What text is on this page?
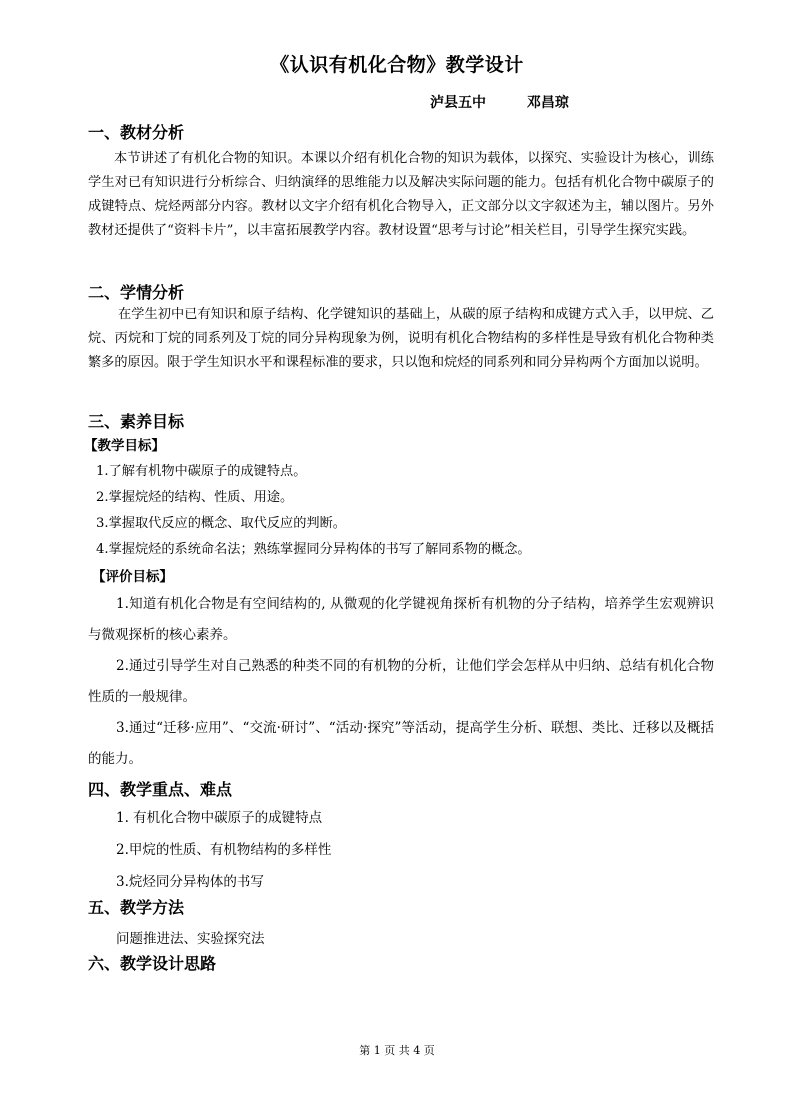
《认识有机化合物》教学设计
泸县五中	邓昌琼
一、教材分析

本节讲述了有机化合物的知识。本课以介绍有机化合物的知识为载体，以探究、实验设计为核心，训练学生对已有知识进行分析综合、归纳演绎的思维能力以及解决实际问题的能力。包括有机化合物中碳原子的成键特点、烷烃两部分内容。教材以文字介绍有机化合物导入，正文部分以文字叙述为主，辅以图片。另外教材还提供了“资料卡片”，以丰富拓展教学内容。教材设置“思考与讨论”相关栏目，引导学生探究实践。

二、学情分析

在学生初中已有知识和原子结构、化学键知识的基础上，从碳的原子结构和成键方式入手，以甲烷、乙烷、丙烷和丁烷的同系列及丁烷的同分异构现象为例，说明有机化合物结构的多样性是导致有机化合物种类繁多的原因。限于学生知识水平和课程标准的要求，只以饱和烷烃的同系列和同分异构两个方面加以说明。

三、素养目标
【教学目标】
1.了解有机物中碳原子的成键特点。
2.掌握烷烃的结构、性质、用途。
3.掌握取代反应的概念、取代反应的判断。
4.掌握烷烃的系统命名法；熟练掌握同分异构体的书写了解同系物的概念。
【评价目标】

1.知道有机化合物是有空间结构的, 从微观的化学键视角探析有机物的分子结构，培养学生宏观辨识与微观探析的核心素养。

2.通过引导学生对自己熟悉的种类不同的有机物的分析，让他们学会怎样从中归纳、总结有机化合物性质的一般规律。

3.通过“迁移·应用”、“交流·研讨”、“活动·探究”等活动，提高学生分析、联想、类比、迁移以及概括的能力。

四、教学重点、难点
1. 有机化合物中碳原子的成键特点
2.甲烷的性质、有机物结构的多样性
3.烷烃同分异构体的书写
五、教学方法
问题推进法、实验探究法
六、教学设计思路
第 1 页 共 4 页
